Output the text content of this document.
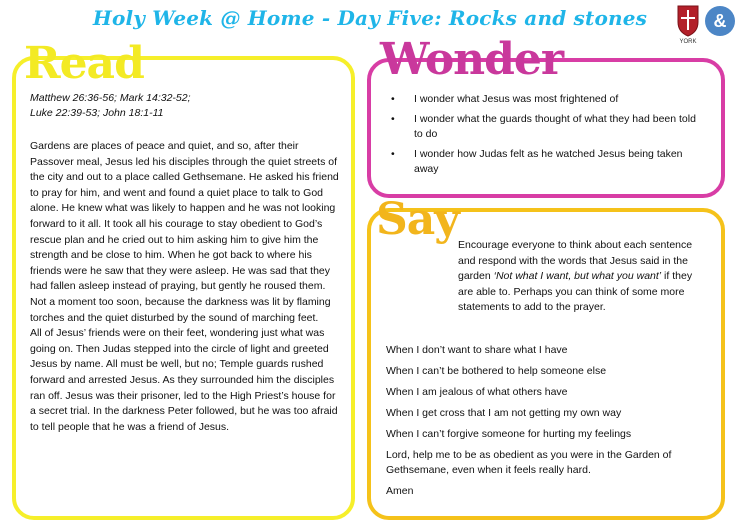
Holy Week @ Home - Day Five: Rocks and stones
YORK
&
Read	Wonder
Say
Matthew 26:36-56; Mark 14:32-52;
Luke 22:39-53; John 18:1-11

Gardens are places of peace and quiet, and so, after their Passover meal, Jesus led his disciples through the quiet streets of the city and out to a place called Gethsemane. He asked his friend to pray for him, and went and found a quiet place to talk to God alone. He knew what was likely to happen and he was not looking forward to it all. It took all his courage to stay obedient to God’s rescue plan and he cried out to him asking him to give him the strength and be close to him. When he got back to where his friends were he saw that they were asleep. He was sad that they had fallen asleep instead of praying, but gently he roused them. Not a moment too soon, because the darkness was lit by flaming torches and the quiet disturbed by the sound of marching feet.

All of Jesus’ friends were on their feet, wondering just what was going on. Then Judas stepped into the circle of light and greeted Jesus by name. All must be well, but no; Temple guards rushed forward and arrested Jesus. As they surrounded him the disciples ran off. Jesus was their prisoner, led to the High Priest’s house for a secret trial. In the darkness Peter followed, but he was too afraid to tell people that he was a friend of Jesus.

• I wonder what Jesus was most frightened of
• I wonder what the guards thought of what they had been told to do
• I wonder how Judas felt as he watched Jesus being taken away
Encourage everyone to think about each sentence and respond with the words that Jesus said in the garden ‘Not what I want, but what you want’ if they are able to. Perhaps you can think of some more statements to add to the prayer.
When I don’t want to share what I have
When I can’t be bothered to help someone else
When I am jealous of what others have
When I get cross that I am not getting my own way
When I can’t forgive someone for hurting my feelings
Lord, help me to be as obedient as you were in the Garden of Gethsemane, even when it feels really hard.
Amen
